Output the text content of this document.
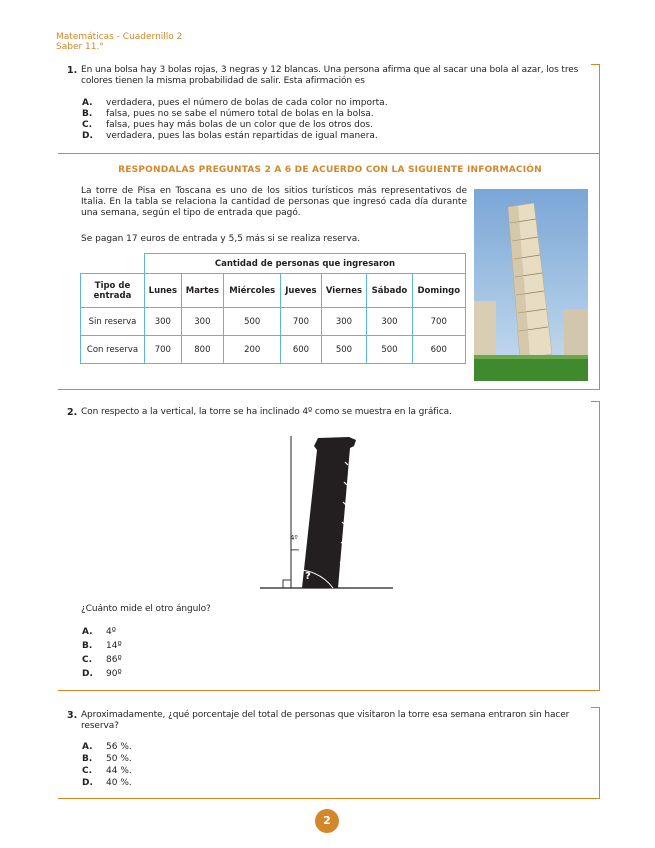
Matemáticas - Cuadernillo 2
Saber 11.°
1. En una bolsa hay 3 bolas rojas, 3 negras y 12 blancas. Una persona afirma que al sacar una bola al azar, los tres colores tienen la misma probabilidad de salir. Esta afirmación es
A. verdadera, pues el número de bolas de cada color no importa.
B. falsa, pues no se sabe el número total de bolas en la bolsa.
C. falsa, pues hay más bolas de un color que de los otros dos.
D. verdadera, pues las bolas están repartidas de igual manera.
RESPONDALAS PREGUNTAS 2 A 6 DE ACUERDO CON LA SIGUIENTE INFORMACIÓN
La torre de Pisa en Toscana es uno de los sitios turísticos más representativos de Italia. En la tabla se relaciona la cantidad de personas que ingresó cada día durante una semana, según el tipo de entrada que pagó.
Se pagan 17 euros de entrada y 5,5 más si se realiza reserva.
	Cantidad de personas que ingresaron						
Tipo de entrada	Lunes	Martes	Miércoles	Jueves	Viernes	Sábado	Domingo
Sin reserva	300	300	500	700	300	300	700
Con reserva	700	800	200	600	500	500	600
2. Con respecto a la vertical, la torre se ha inclinado 4º como se muestra en la gráfica.
4º
?
¿Cuánto mide el otro ángulo?
A. 4º
B. 14º
C. 86º
D. 90º
3. Aproximadamente, ¿qué porcentaje del total de personas que visitaron la torre esa semana entraron sin hacer reserva?
A. 56 %.
B. 50 %.
C. 44 %.
D. 40 %.
2
